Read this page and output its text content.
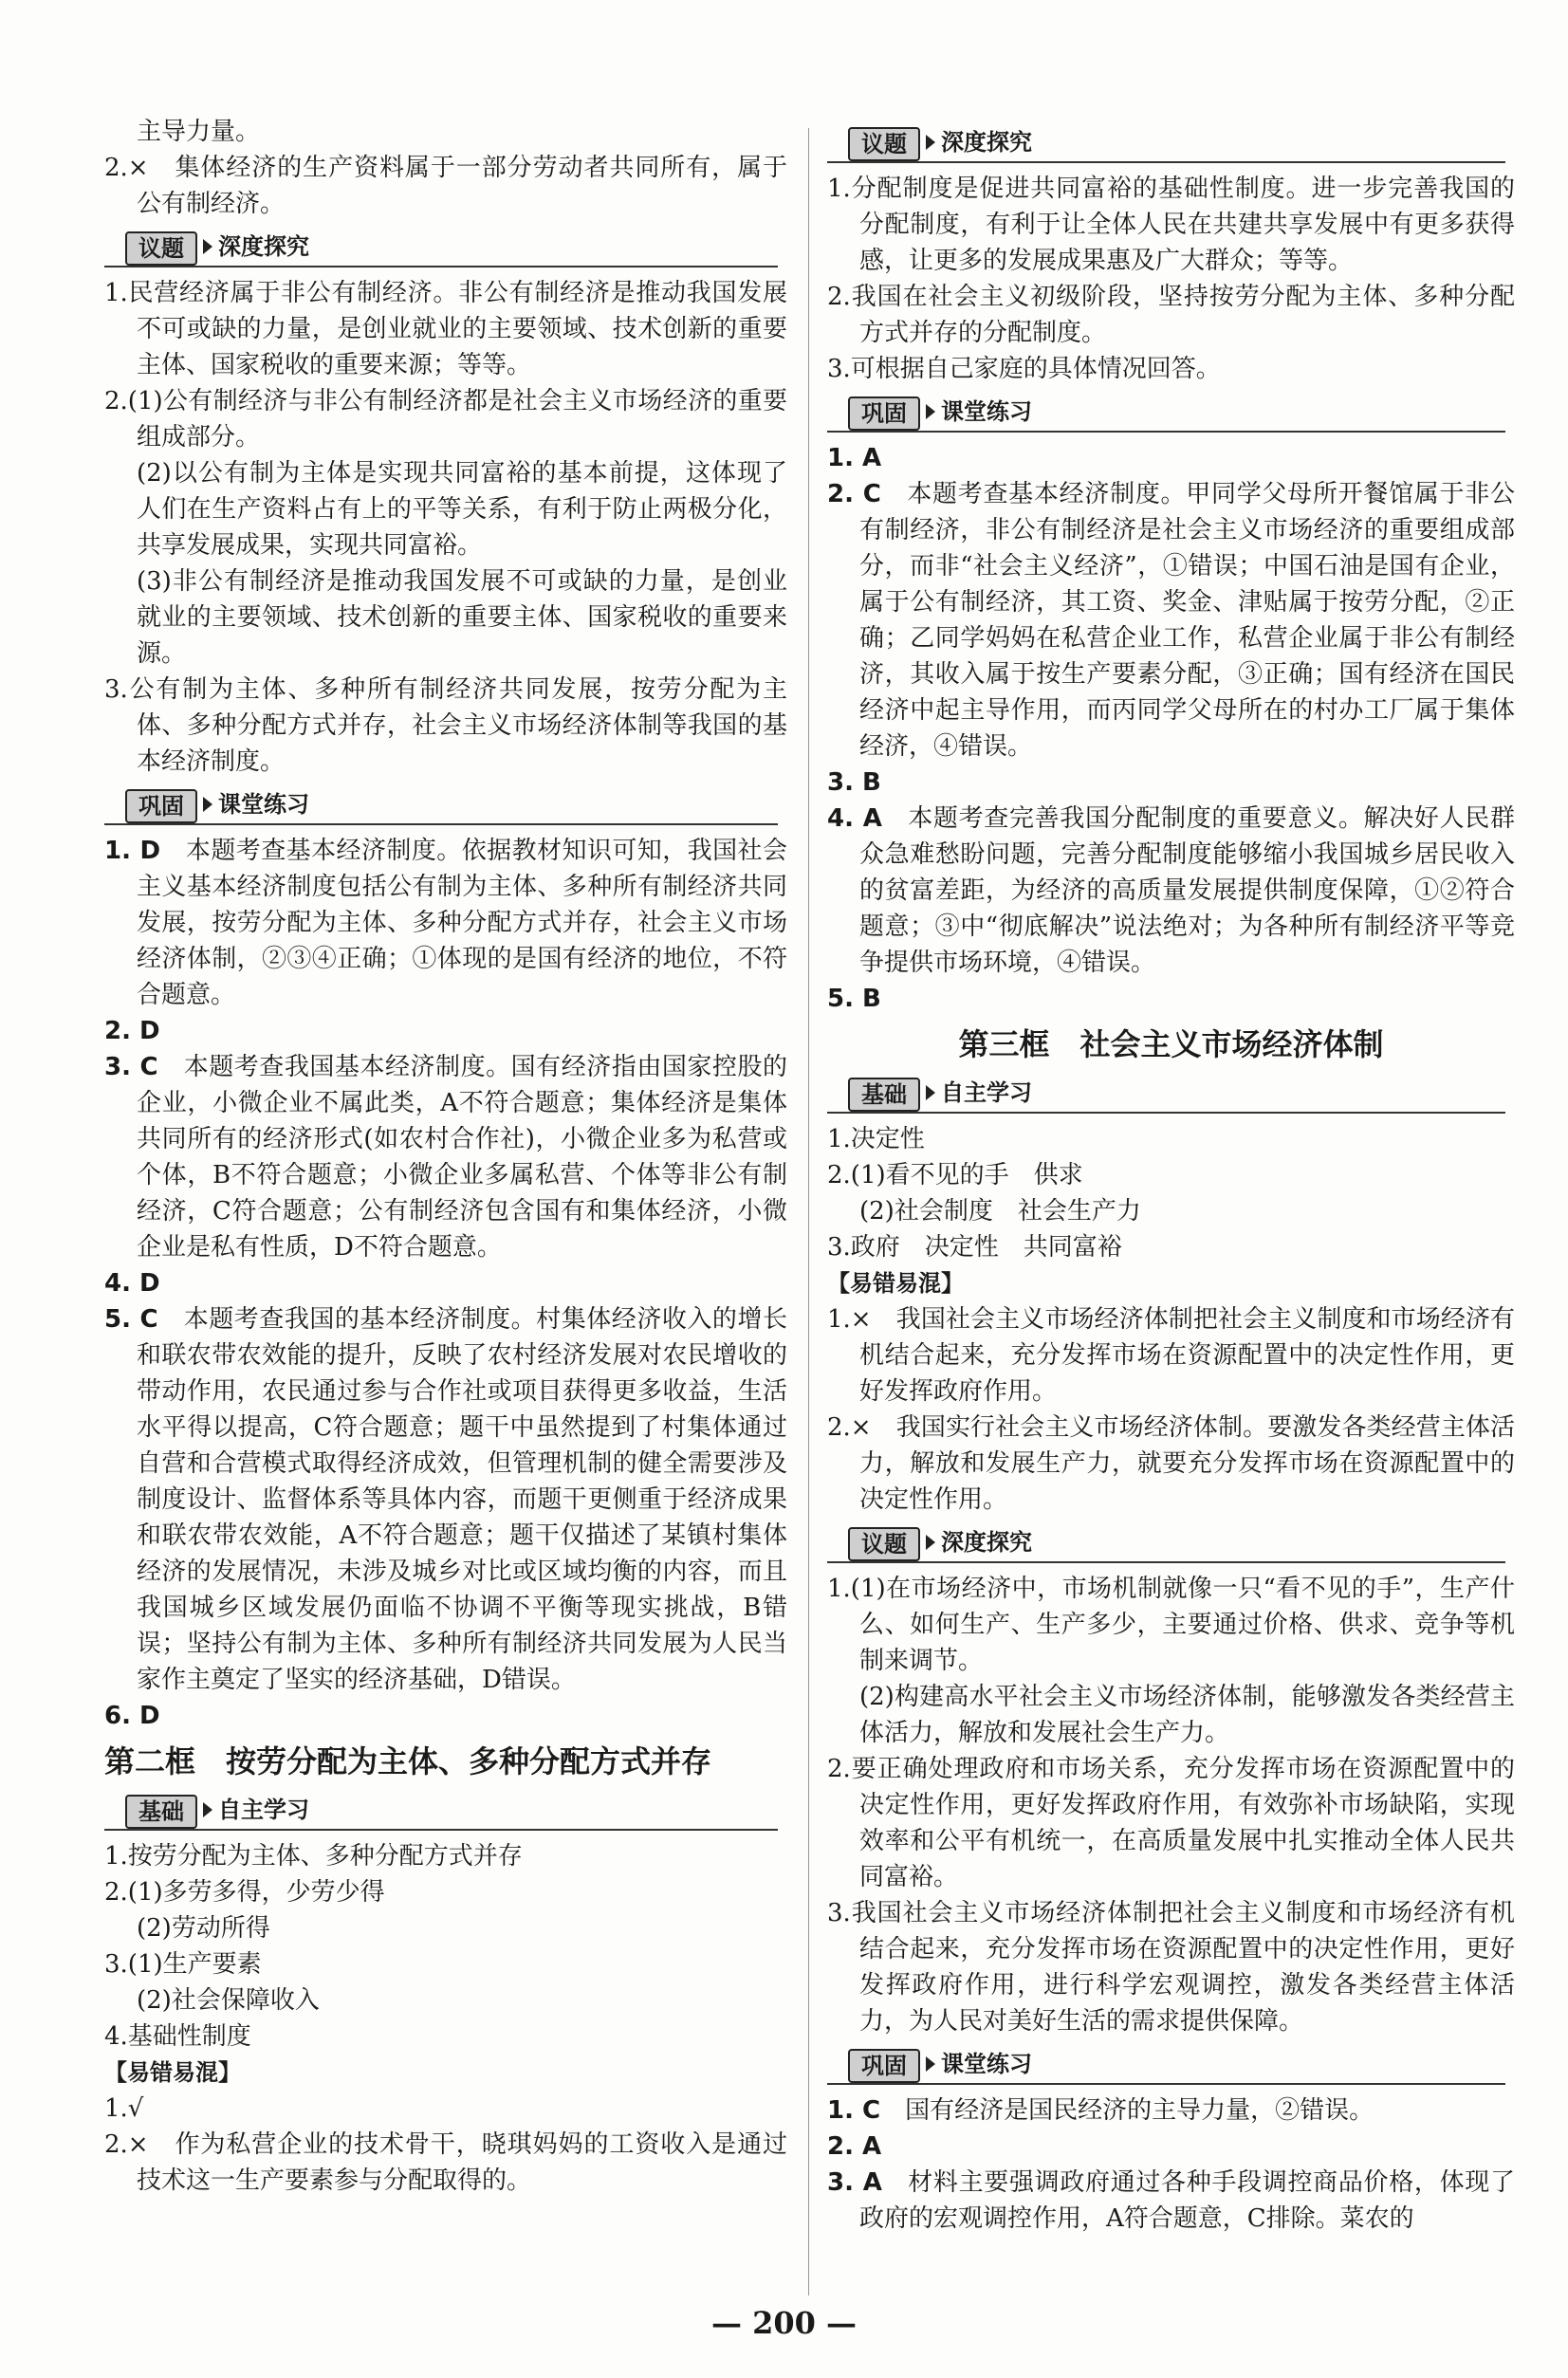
主导力量。

2.×　集体经济的生产资料属于一部分劳动者共同所有，属于公有制经济。

议题	深度探究

1.民营经济属于非公有制经济。非公有制经济是推动我国发展不可或缺的力量，是创业就业的主要领域、技术创新的重要主体、国家税收的重要来源；等等。

2.(1)公有制经济与非公有制经济都是社会主义市场经济的重要组成部分。

(2)以公有制为主体是实现共同富裕的基本前提，这体现了人们在生产资料占有上的平等关系，有利于防止两极分化，共享发展成果，实现共同富裕。

(3)非公有制经济是推动我国发展不可或缺的力量，是创业就业的主要领域、技术创新的重要主体、国家税收的重要来源。

3.公有制为主体、多种所有制经济共同发展，按劳分配为主体、多种分配方式并存，社会主义市场经济体制等我国的基本经济制度。

巩固	课堂练习

1. D　本题考查基本经济制度。依据教材知识可知，我国社会主义基本经济制度包括公有制为主体、多种所有制经济共同发展，按劳分配为主体、多种分配方式并存，社会主义市场经济体制，②③④正确；①体现的是国有经济的地位，不符合题意。

2. D

3. C　本题考查我国基本经济制度。国有经济指由国家控股的企业，小微企业不属此类，A不符合题意；集体经济是集体共同所有的经济形式(如农村合作社)，小微企业多为私营或个体，B不符合题意；小微企业多属私营、个体等非公有制经济，C符合题意；公有制经济包含国有和集体经济，小微企业是私有性质，D不符合题意。

4. D

5. C　本题考查我国的基本经济制度。村集体经济收入的增长和联农带农效能的提升，反映了农村经济发展对农民增收的带动作用，农民通过参与合作社或项目获得更多收益，生活水平得以提高，C符合题意；题干中虽然提到了村集体通过自营和合营模式取得经济成效，但管理机制的健全需要涉及制度设计、监督体系等具体内容，而题干更侧重于经济成果和联农带农效能，A不符合题意；题干仅描述了某镇村集体经济的发展情况，未涉及城乡对比或区域均衡的内容，而且我国城乡区域发展仍面临不协调不平衡等现实挑战，B错误；坚持公有制为主体、多种所有制经济共同发展为人民当家作主奠定了坚实的经济基础，D错误。

6. D

第二框　按劳分配为主体、多种分配方式并存
基础	自主学习

1.按劳分配为主体、多种分配方式并存

2.(1)多劳多得，少劳少得

(2)劳动所得

3.(1)生产要素

(2)社会保障收入

4.基础性制度

【易错易混】

1.√

2.×　作为私营企业的技术骨干，晓琪妈妈的工资收入是通过技术这一生产要素参与分配取得的。

议题	深度探究

1.分配制度是促进共同富裕的基础性制度。进一步完善我国的分配制度，有利于让全体人民在共建共享发展中有更多获得感，让更多的发展成果惠及广大群众；等等。

2.我国在社会主义初级阶段，坚持按劳分配为主体、多种分配方式并存的分配制度。

3.可根据自己家庭的具体情况回答。

巩固	课堂练习

1. A

2. C　本题考查基本经济制度。甲同学父母所开餐馆属于非公有制经济，非公有制经济是社会主义市场经济的重要组成部分，而非“社会主义经济”，①错误；中国石油是国有企业，属于公有制经济，其工资、奖金、津贴属于按劳分配，②正确；乙同学妈妈在私营企业工作，私营企业属于非公有制经济，其收入属于按生产要素分配，③正确；国有经济在国民经济中起主导作用，而丙同学父母所在的村办工厂属于集体经济，④错误。

3. B

4. A　本题考查完善我国分配制度的重要意义。解决好人民群众急难愁盼问题，完善分配制度能够缩小我国城乡居民收入的贫富差距，为经济的高质量发展提供制度保障，①②符合题意；③中“彻底解决”说法绝对；为各种所有制经济平等竞争提供市场环境，④错误。

5. B

第三框　社会主义市场经济体制
基础	自主学习

1.决定性

2.(1)看不见的手　供求

(2)社会制度　社会生产力

3.政府　决定性　共同富裕

【易错易混】

1.×　我国社会主义市场经济体制把社会主义制度和市场经济有机结合起来，充分发挥市场在资源配置中的决定性作用，更好发挥政府作用。

2.×　我国实行社会主义市场经济体制。要激发各类经营主体活力，解放和发展生产力，就要充分发挥市场在资源配置中的决定性作用。

议题	深度探究

1.(1)在市场经济中，市场机制就像一只“看不见的手”，生产什么、如何生产、生产多少，主要通过价格、供求、竞争等机制来调节。

(2)构建高水平社会主义市场经济体制，能够激发各类经营主体活力，解放和发展社会生产力。

2.要正确处理政府和市场关系，充分发挥市场在资源配置中的决定性作用，更好发挥政府作用，有效弥补市场缺陷，实现效率和公平有机统一，在高质量发展中扎实推动全体人民共同富裕。

3.我国社会主义市场经济体制把社会主义制度和市场经济有机结合起来，充分发挥市场在资源配置中的决定性作用，更好发挥政府作用，进行科学宏观调控，激发各类经营主体活力，为人民对美好生活的需求提供保障。

巩固	课堂练习

1. C　国有经济是国民经济的主导力量，②错误。

2. A

3. A　材料主要强调政府通过各种手段调控商品价格，体现了政府的宏观调控作用，A符合题意，C排除。菜农的

— 200 —
